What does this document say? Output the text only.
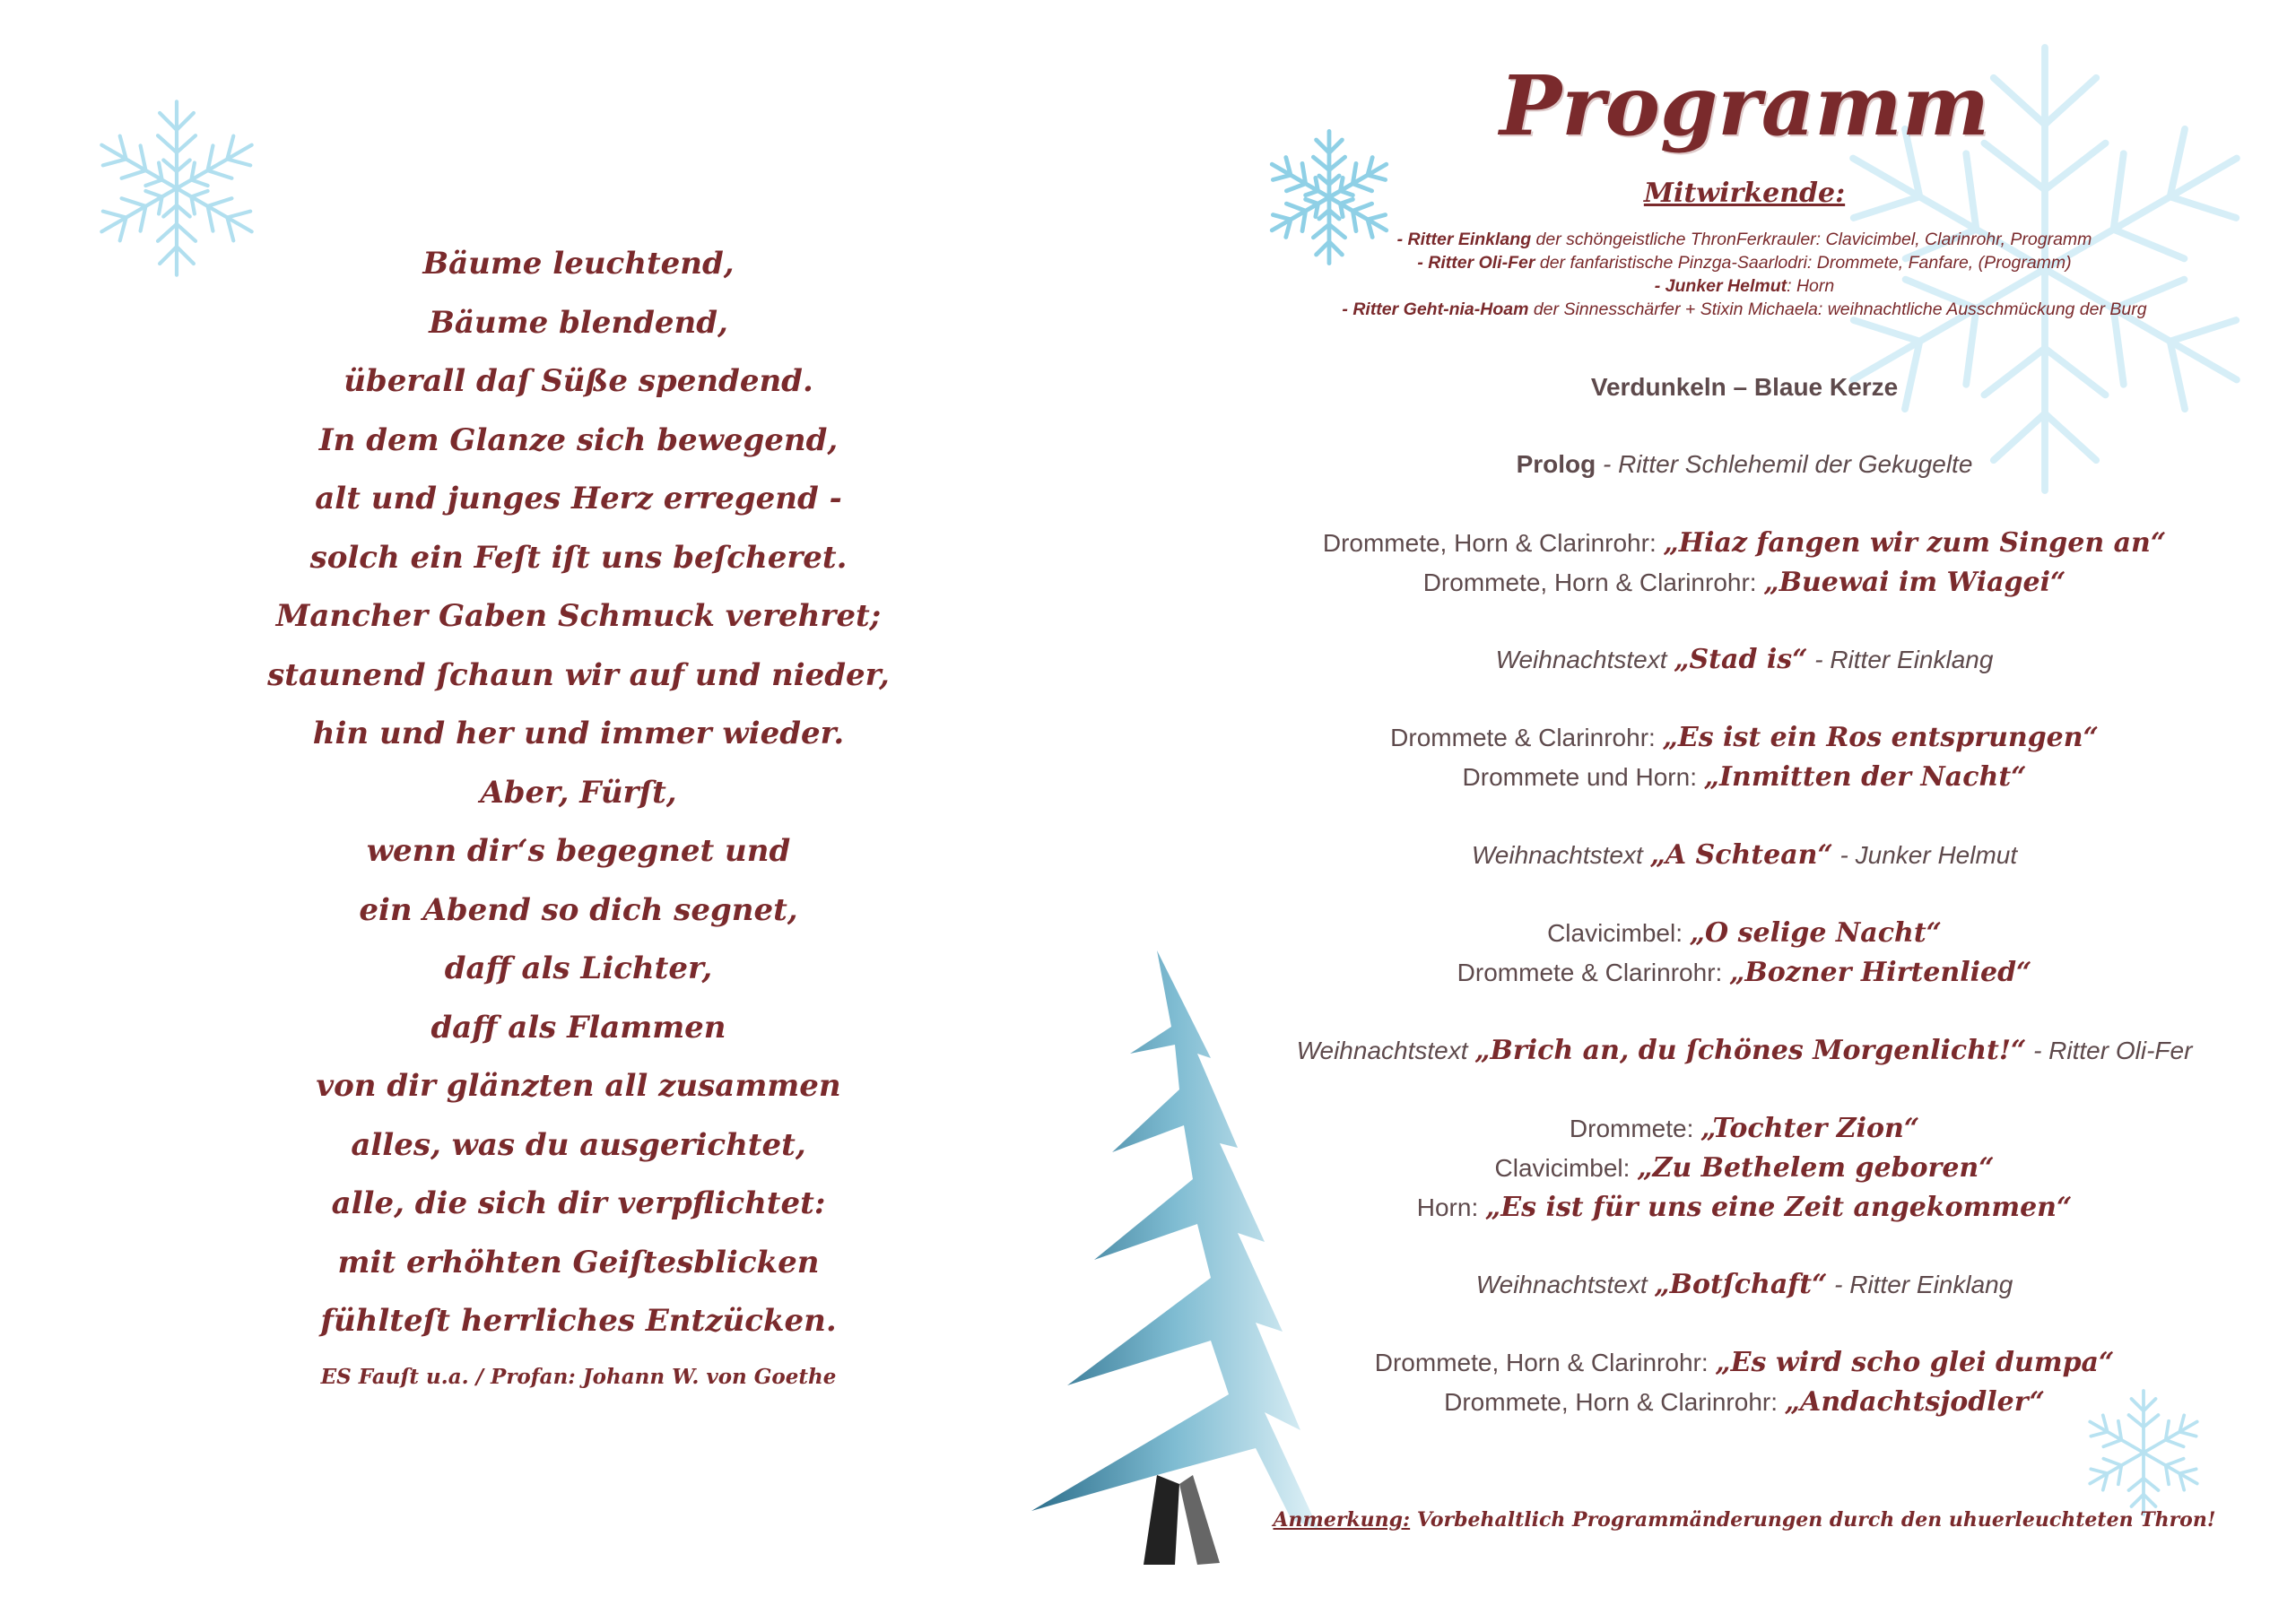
Bäume leuchtend,
Bäume blendend,
überall daſ Süße spendend.
In dem Glanze sich bewegend,
alt und junges Herz erregend -
solch ein Feſt iſt uns beſcheret.
Mancher Gaben Schmuck verehret;
staunend ſchaun wir auf und nieder,
hin und her und immer wieder.
Aber, Fürſt,
wenn dir‘s begegnet und
ein Abend so dich segnet,
daff als Lichter,
daff als Flammen
von dir glänzten all zusammen
alles, was du ausgerichtet,
alle, die sich dir verpflichtet:
mit erhöhten Geiſtesblicken
fühlteſt herrliches Entzücken.
ES Fauſt u.a. / Profan: Johann W. von Goethe
Programm
Mitwirkende:
- Ritter Einklang der schöngeistliche ThronFerkrauler: Clavicimbel, Clarinrohr, Programm
- Ritter Oli-Fer der fanfaristische Pinzga-Saarlodri: Drommete, Fanfare, (Programm)
- Junker Helmut: Horn
- Ritter Geht-nia-Hoam der Sinnesschärfer + Stixin Michaela: weihnachtliche Ausschmückung der Burg
Verdunkeln – Blaue Kerze
Prolog - Ritter Schlehemil der Gekugelte
Drommete, Horn & Clarinrohr: „Hiaz fangen wir zum Singen an“
Drommete, Horn & Clarinrohr: „Buewai im Wiagei“
Weihnachtstext „Stad is“ - Ritter Einklang
Drommete & Clarinrohr: „Es ist ein Ros entsprungen“
Drommete und Horn: „Inmitten der Nacht“
Weihnachtstext „A Schtean“ - Junker Helmut
Clavicimbel: „O selige Nacht“
Drommete & Clarinrohr: „Bozner Hirtenlied“
Weihnachtstext „Brich an, du ſchönes Morgenlicht!“ - Ritter Oli-Fer
Drommete: „Tochter Zion“
Clavicimbel: „Zu Bethelem geboren“
Horn: „Es ist für uns eine Zeit angekommen“
Weihnachtstext „Botſchaft“ - Ritter Einklang
Drommete, Horn & Clarinrohr: „Es wird scho glei dumpa“
Drommete, Horn & Clarinrohr: „Andachtsjodler“
Anmerkung: Vorbehaltlich Programmänderungen durch den uhuerleuchteten Thron!
